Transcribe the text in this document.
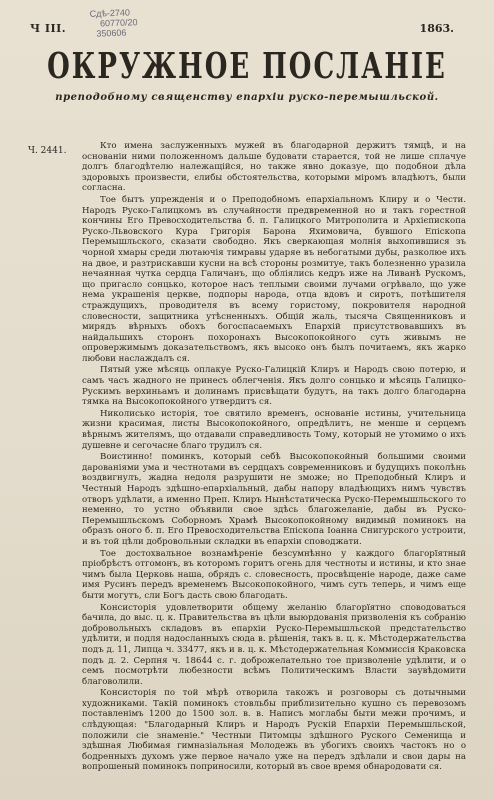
Ч III.
Сдѣ-2740
60770/20
350606	1863.
ОКРУЖНОЕ ПОСЛАНІЕ
преподобному священству епархіи руско-перемышльской.
Ч. 2441.	Кто имена заслуженныхъ мужей въ благодарной держитъ тямцѣ, и на основаніи ними положенномъ дальше будовати старается, той не лише сплачуе долгъ благодѣтелю належащійся, но также явно доказуе, що подобнои дѣла здоровыхъ произвести, єлибы обстоятельства, которыми міромъ владѣютъ, были согласна.

Тое бытъ упрежденія и о Преподобномъ епархіальномъ Клиру и о Чести. Народъ Руско-Галицкомъ въ случайности предвременной но и такъ горестной кончины Его Превосходительства б. п. Галицкого Митрополита и Архієпископа Руско-Львовского Кура Григорія Барона Яхимовича, бувшого Епіскопа Перемышльского, сказати свободно. Якъ сверкающая молнія выхопившися зъ чорной хмары среди лютаючія тимравы ударяе въ небогатыми дубы, разколюе ихъ на двое, и разтрискавши кусни на всѣ стороны розмитуе, такъ болезненно уразила нечаянная чутка сердца Галичанъ, що обліялись кедръ иже на Ливанѣ Рускомъ, що пригасло сонцько, которое насъ теплыми своими лучами огрѣвало, що уже нема украшенія церкве, подпоры народа, отца вдовъ и сиротъ, потѣшителя страждущихъ, проводителя въ всему гористому, покровителя народной словесности, защитника утѣсненныхъ. Общій жаль, тысяча Священниковъ и мирядъ вѣрныхъ обохъ богоспасаемыхъ Епархій присутствовавшихъ въ найдальшихъ сторонъ похоронахъ Высокопокойного суть живымъ не опровержимымъ доказательствомъ, якъ высоко онъ былъ почитаемъ, якъ жарко любови наслаждалъ ся.

Пятый уже мѣсяць оплакуе Руско-Галицкій Клиръ и Народъ свою потерю, и самъ часъ жадного не принесъ облегченія. Якъ долго сонцько и мѣсяць Галицко-Рускимъ верхиньамъ и долинамъ присвѣщати будутъ, на такъ долго благодарна тямка на Высокопокойного утвердитъ ся.

Николисько исторія, тое святило временъ, основаніе истины, учительница жизни красимая, листы Высокопокойного, опредѣлитъ, не менше и серцемъ вѣрнымъ жителямъ, що отдавали справедливость Тому, который не утомимо о ихъ душевне и сегочасне благо трудилъ ся.

Воистинно! поминкъ, который себѣ Высокопокойный большими своими дарованіями ума и честнотами въ сердцахъ современниковъ и будущихъ поколѣнь воздвигнулъ, жадна недоля разрушити не зможе; но Преподобный Клиръ и Честный Народъ здѣшно-епархіальный, дабы напору владѣющихъ нимъ чувствъ отворъ удѣлати, а именно Преп. Клиръ Нынѣстатическа Руско-Перемышльского то неменно, то устно объявили свое здѣсь благожеланіе, дабы въ Руско-Перемышльскомъ Соборномъ Храмѣ Высокопокойному видимый поминокъ на образъ оного б. п. Его Превосходительства Епіскопа Іоанна Снигурского устроити, и въ той цѣли добровольныи складки въ епархіи споводжати.

Тое достохвальное вознамѣреніе безсумнѣнно у каждого благорїятный пріобрѣстъ отгомонъ, въ которомъ горитъ огень для честноты и истины, и кто знае чимъ была Церковь наша, обрядъ с. словесность, просвѣщеніе народе, даже саме имя Русинъ передъ временемъ Высокопокойного, чимъ суть теперь, и чимъ еще быти могутъ, сли Богъ дасть свою благодать.

Консисторія удовлетворити общему желанію благорїятно споводоваться бачила, до выс. ц. к. Правительства въ цѣли выюрдованія призволенія къ собранію добровольныхъ складовъ въ епархіи Руско-Перемышльской предстательство удѣлити, и подля надосланныхъ сюда в. рѣшенія, такъ в. ц. к. Мѣстодержательства подъ д. 11, Липца ч. 33477, якъ и в. ц. к. Мѣстодержательная Коммиссія Краковска подъ д. 2. Серпня ч. 18644 с. г. доброжелательно тое призволеніе удѣлити, и о семъ посмотрѣти любезности всѣмъ Политическимъ Власти заувѣдомити благоволили.

Консисторія по той мѣрѣ отворила такожъ и розговоры съ дотычными художниками. Такій поминокъ стовльбы приблизительно кушно съ перевозомъ поставленімъ 1200 до 1500 зол. в. в. Написъ моглабы быти межи прочимъ, и слѣдующая: "Благодарный Клиръ и Народъ Рускій Епархіи Перемышльской, положили сіе знаменіе." Честныи Питомцы здѣшного Руского Семенища и здѣшная Любимая гимназіальная Молодежь въ убогихъ своихъ частокъ но о бодренныхъ духомъ уже первое начало уже на передъ здѣлали и свои дары на вопрошеный поминокъ поприносили, который въ свое время обнародовати ся.
